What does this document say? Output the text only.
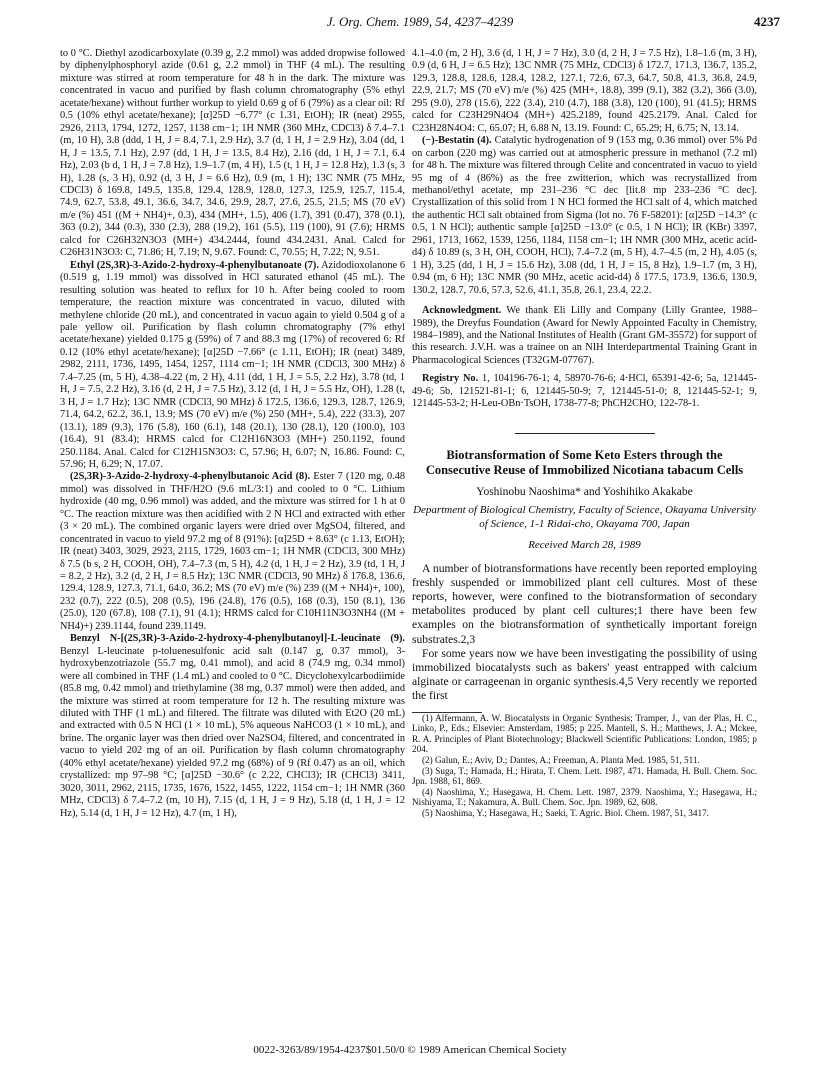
J. Org. Chem. 1989, 54, 4237–4239	4237

to 0 °C. Diethyl azodicarboxylate (0.39 g, 2.2 mmol) was added dropwise followed by diphenylphosphoryl azide (0.61 g, 2.2 mmol) in THF (4 mL). The resulting mixture was stirred at room temperature for 48 h in the dark. The mixture was concentrated in vacuo and purified by flash column chromatography (5% ethyl acetate/hexane) without further workup to yield 0.69 g of 6 (79%) as a clear oil: Rf 0.5 (10% ethyl acetate/hexane); [α]25D −6.77° (c 1.31, EtOH); IR (neat) 2955, 2926, 2113, 1794, 1272, 1257, 1138 cm−1; 1H NMR (360 MHz, CDCl3) δ 7.4–7.1 (m, 10 H), 3.8 (ddd, 1 H, J = 8.4, 7.1, 2.9 Hz), 3.7 (d, 1 H, J = 2.9 Hz), 3.04 (dd, 1 H, J = 13.5, 7.1 Hz), 2.97 (dd, 1 H, J = 13.5, 8.4 Hz), 2.16 (dd, 1 H, J = 7.1, 6.4 Hz), 2.03 (b d, 1 H, J = 7.8 Hz), 1.9–1.7 (m, 4 H), 1.5 (t, 1 H, J = 12.8 Hz), 1.3 (s, 3 H), 1.28 (s, 3 H), 0.92 (d, 3 H, J = 6.6 Hz), 0.9 (m, 1 H); 13C NMR (75 MHz, CDCl3) δ 169.8, 149.5, 135.8, 129.4, 128.9, 128.0, 127.3, 125.9, 125.7, 115.4, 74.9, 62.7, 53.8, 49.1, 36.6, 34.7, 34.6, 29.9, 28.7, 27.6, 25.5, 21.5; MS (70 eV) m/e (%) 451 ((M + NH4)+, 0.3), 434 (MH+, 1.5), 406 (1.7), 391 (0.47), 378 (0.1), 363 (0.2), 344 (0.3), 330 (2.3), 288 (19.2), 161 (5.5), 119 (100), 91 (7.6); HRMS calcd for C26H32N3O3 (MH+) 434.2444, found 434.2431. Anal. Calcd for C26H31N3O3: C, 71.86; H, 7.19; N, 9.67. Found: C, 70.55; H, 7.22; N, 9.51.

Ethyl (2S,3R)-3-Azido-2-hydroxy-4-phenylbutanoate (7). Azidodioxolanone 6 (0.519 g, 1.19 mmol) was dissolved in HCl saturated ethanol (45 mL). The resulting solution was heated to reflux for 10 h. After being cooled to room temperature, the reaction mixture was concentrated in vacuo, diluted with methylene chloride (20 mL), and concentrated in vacuo again to yield 0.504 g of a pale yellow oil. Purification by flash column chromatography (7% ethyl acetate/hexane) yielded 0.175 g (59%) of 7 and 88.3 mg (17%) of recovered 6: Rf 0.12 (10% ethyl acetate/hexane); [α]25D −7.66° (c 1.11, EtOH); IR (neat) 3489, 2982, 2111, 1736, 1495, 1454, 1257, 1114 cm−1; 1H NMR (CDCl3, 300 MHz) δ 7.4–7.25 (m, 5 H), 4.38–4.22 (m, 2 H), 4.11 (dd, 1 H, J = 5.5, 2.2 Hz), 3.78 (td, 1 H, J = 7.5, 2.2 Hz), 3.16 (d, 2 H, J = 7.5 Hz), 3.12 (d, 1 H, J = 5.5 Hz, OH), 1.28 (t, 3 H, J = 1.7 Hz); 13C NMR (CDCl3, 90 MHz) δ 172.5, 136.6, 129.3, 128.7, 126.9, 71.4, 64.2, 62.2, 36.1, 13.9; MS (70 eV) m/e (%) 250 (MH+, 5.4), 222 (33.3), 207 (13.1), 189 (9.3), 176 (5.8), 160 (6.1), 148 (20.1), 130 (28.1), 120 (100.0), 103 (16.4), 91 (83.4); HRMS calcd for C12H16N3O3 (MH+) 250.1192, found 250.1184. Anal. Calcd for C12H15N3O3: C, 57.96; H, 6.07; N, 16.86. Found: C, 57.96; H, 6.29; N, 17.07.

(2S,3R)-3-Azido-2-hydroxy-4-phenylbutanoic Acid (8). Ester 7 (120 mg, 0.48 mmol) was dissolved in THF/H2O (9.6 mL/3:1) and cooled to 0 °C. Lithium hydroxide (40 mg, 0.96 mmol) was added, and the mixture was stirred for 1 h at 0 °C. The reaction mixture was then acidified with 2 N HCl and extracted with ether (3 × 20 mL). The combined organic layers were dried over MgSO4, filtered, and concentrated in vacuo to yield 97.2 mg of 8 (91%): [α]25D + 8.63° (c 1.13, EtOH); IR (neat) 3403, 3029, 2923, 2115, 1729, 1603 cm−1; 1H NMR (CDCl3, 300 MHz) δ 7.5 (b s, 2 H, COOH, OH), 7.4–7.3 (m, 5 H), 4.2 (d, 1 H, J = 2 Hz), 3.9 (td, 1 H, J = 8.2, 2 Hz), 3.2 (d, 2 H, J = 8.5 Hz); 13C NMR (CDCl3, 90 MHz) δ 176.8, 136.6, 129.4, 128.9, 127.3, 71.1, 64.0, 36.2; MS (70 eV) m/e (%) 239 ((M + NH4)+, 100), 232 (0.7), 222 (0.5), 208 (0.5), 196 (24.8), 176 (0.5), 168 (0.3), 150 (8.1), 136 (25.0), 120 (67.8), 108 (7.1), 91 (4.1); HRMS calcd for C10H11N3O3NH4 ((M + NH4)+) 239.1144, found 239.1149.

Benzyl N-[(2S,3R)-3-Azido-2-hydroxy-4-phenylbutanoyl]-L-leucinate (9). Benzyl L-leucinate p-toluenesulfonic acid salt (0.147 g, 0.37 mmol), 3-hydroxybenzotriazole (55.7 mg, 0.41 mmol), and acid 8 (74.9 mg, 0.34 mmol) were all combined in THF (1.4 mL) and cooled to 0 °C. Dicyclohexylcarbodiimide (85.8 mg, 0.42 mmol) and triethylamine (38 mg, 0.37 mmol) were then added, and the mixture was stirred at room temperature for 12 h. The resulting mixture was diluted with THF (1 mL) and filtered. The filtrate was diluted with Et2O (20 mL) and extracted with 0.5 N HCl (1 × 10 mL), 5% aqueous NaHCO3 (1 × 10 mL), and brine. The organic layer was then dried over Na2SO4, filtered, and concentrated in vacuo to yield 202 mg of an oil. Purification by flash column chromatography (40% ethyl acetate/hexane) yielded 97.2 mg (68%) of 9 (Rf 0.47) as an oil, which crystallized: mp 97–98 °C; [α]25D −30.6° (c 2.22, CHCl3); IR (CHCl3) 3411, 3020, 3011, 2962, 2115, 1735, 1676, 1522, 1455, 1222, 1154 cm−1; 1H NMR (360 MHz, CDCl3) δ 7.4–7.2 (m, 10 H), 7.15 (d, 1 H, J = 9 Hz), 5.18 (d, 1 H, J = 12 Hz), 5.14 (d, 1 H, J = 12 Hz), 4.7 (m, 1 H),

4.1–4.0 (m, 2 H), 3.6 (d, 1 H, J = 7 Hz), 3.0 (d, 2 H, J = 7.5 Hz), 1.8–1.6 (m, 3 H), 0.9 (d, 6 H, J = 6.5 Hz); 13C NMR (75 MHz, CDCl3) δ 172.7, 171.3, 136.7, 135.2, 129.3, 128.8, 128.6, 128.4, 128.2, 127.1, 72.6, 67.3, 64.7, 50.8, 41.3, 36.8, 24.9, 22.9, 21.7; MS (70 eV) m/e (%) 425 (MH+, 18.8), 399 (9.1), 382 (3.2), 366 (3.0), 295 (9.0), 278 (15.6), 222 (3.4), 210 (4.7), 188 (3.8), 120 (100), 91 (41.5); HRMS calcd for C23H29N4O4 (MH+) 425.2189, found 425.2179. Anal. Calcd for C23H28N4O4: C, 65.07; H, 6.88 N, 13.19. Found: C, 65.29; H, 6.75; N, 13.14.

(−)-Bestatin (4). Catalytic hydrogenation of 9 (153 mg, 0.36 mmol) over 5% Pd on carbon (220 mg) was carried out at atmospheric pressure in methanol (7.2 ml) for 48 h. The mixture was filtered through Celite and concentrated in vacuo to yield 95 mg of 4 (86%) as the free zwitterion, which was recrystallized from methanol/ethyl acetate, mp 231–236 °C dec [lit.8 mp 233–236 °C dec]. Crystallization of this solid from 1 N HCl formed the HCl salt of 4, which matched the authentic HCl salt obtained from Sigma (lot no. 76 F-58201): [α]25D −14.3° (c 0.5, 1 N HCl); authentic sample [α]25D −13.0° (c 0.5, 1 N HCl); IR (KBr) 3397, 2961, 1713, 1662, 1539, 1256, 1184, 1158 cm−1; 1H NMR (300 MHz, acetic acid-d4) δ 10.89 (s, 3 H, OH, COOH, HCl), 7.4–7.2 (m, 5 H), 4.7–4.5 (m, 2 H), 4.05 (s, 1 H), 3.25 (dd, 1 H, J = 15.6 Hz), 3.08 (dd, 1 H, J = 15, 8 Hz), 1.9–1.7 (m, 3 H), 0.94 (m, 6 H); 13C NMR (90 MHz, acetic acid-d4) δ 177.5, 173.9, 136.6, 130.9, 130.2, 128.7, 70.6, 57.3, 52.6, 41.1, 35.8, 26.1, 23.4, 22.2.

Acknowledgment. We thank Eli Lilly and Company (Lilly Grantee, 1988–1989), the Dreyfus Foundation (Award for Newly Appointed Faculty in Chemistry, 1984–1989), and the National Institutes of Health (Grant GM-35572) for support of this research. J.V.H. was a trainee on an NIH Interdepartmental Training Grant in Pharmacological Sciences (T32GM-07767).

Registry No. 1, 104196-76-1; 4, 58970-76-6; 4·HCl, 65391-42-6; 5a, 121445-49-6; 5b, 121521-81-1; 6, 121445-50-9; 7, 121445-51-0; 8, 121445-52-1; 9, 121445-53-2; H-Leu-OBn·TsOH, 1738-77-8; PhCH2CHO, 122-78-1.

Biotransformation of Some Keto Esters through the Consecutive Reuse of Immobilized Nicotiana tabacum Cells
Yoshinobu Naoshima* and Yoshihiko Akakabe
Department of Biological Chemistry, Faculty of Science, Okayama University of Science, 1-1 Ridai-cho, Okayama 700, Japan
Received March 28, 1989

A number of biotransformations have recently been reported employing freshly suspended or immobilized plant cell cultures. Most of these reports, however, were confined to the biotransformation of secondary metabolites produced by plant cell cultures;1 there have been few examples on the biotransformation of synthetically important foreign substrates.2,3

For some years now we have been investigating the possibility of using immobilized biocatalysts such as bakers' yeast entrapped with calcium alginate or carrageenan in organic synthesis.4,5 Very recently we reported the first

(1) Alfermann, A. W. Biocatalysts in Organic Synthesis; Tramper, J., van der Plas, H. C., Linko, P., Eds.; Elsevier: Amsterdam, 1985; p 225. Mantell, S. H.; Matthews, J. A.; Mckee, R. A. Principles of Plant Biotechnology; Blackwell Scientific Publications: London, 1985; p 204.

(2) Galun, E.; Aviv, D.; Dantes, A.; Freeman, A. Planta Med. 1985, 51, 511.

(3) Suga, T.; Hamada, H.; Hirata, T. Chem. Lett. 1987, 471. Hamada, H. Bull. Chem. Soc. Jpn. 1988, 61, 869.

(4) Naoshima, Y.; Hasegawa, H. Chem. Lett. 1987, 2379. Naoshima, Y.; Hasegawa, H.; Nishiyama, T.; Nakamura, A. Bull. Chem. Soc. Jpn. 1989, 62, 608.

(5) Naoshima, Y.; Hasegawa, H.; Saeki, T. Agric. Biol. Chem. 1987, 51, 3417.

0022-3263/89/1954-4237$01.50/0 © 1989 American Chemical Society
